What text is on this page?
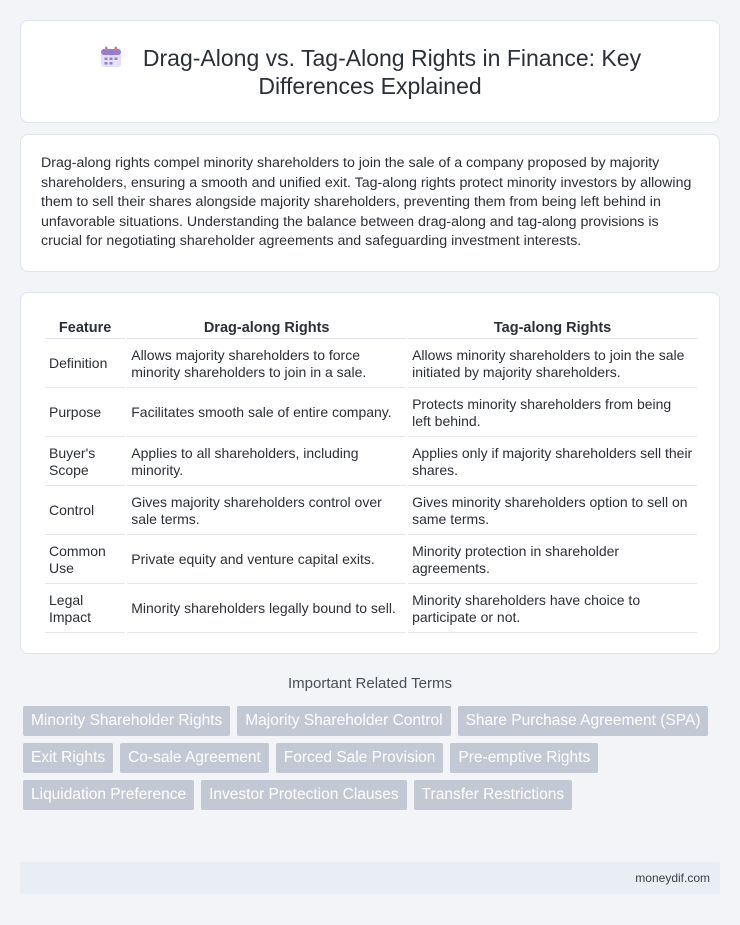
Drag-Along vs. Tag-Along Rights in Finance: Key Differences Explained

Drag-along rights compel minority shareholders to join the sale of a company proposed by majority shareholders, ensuring a smooth and unified exit. Tag-along rights protect minority investors by allowing them to sell their shares alongside majority shareholders, preventing them from being left behind in unfavorable situations. Understanding the balance between drag-along and tag-along provisions is crucial for negotiating shareholder agreements and safeguarding investment interests.

Feature	Drag-along Rights	Tag-along Rights
Definition	Allows majority shareholders to force minority shareholders to join in a sale.	Allows minority shareholders to join the sale initiated by majority shareholders.
Purpose	Facilitates smooth sale of entire company.	Protects minority shareholders from being left behind.
Buyer's Scope	Applies to all shareholders, including minority.	Applies only if majority shareholders sell their shares.
Control	Gives majority shareholders control over sale terms.	Gives minority shareholders option to sell on same terms.
Common Use	Private equity and venture capital exits.	Minority protection in shareholder agreements.
Legal Impact	Minority shareholders legally bound to sell.	Minority shareholders have choice to participate or not.
Important Related Terms
Minority Shareholder Rights	Majority Shareholder Control	Share Purchase Agreement (SPA)
Exit Rights	Co-sale Agreement	Forced Sale Provision	Pre-emptive Rights
Liquidation Preference	Investor Protection Clauses	Transfer Restrictions
moneydif.com
